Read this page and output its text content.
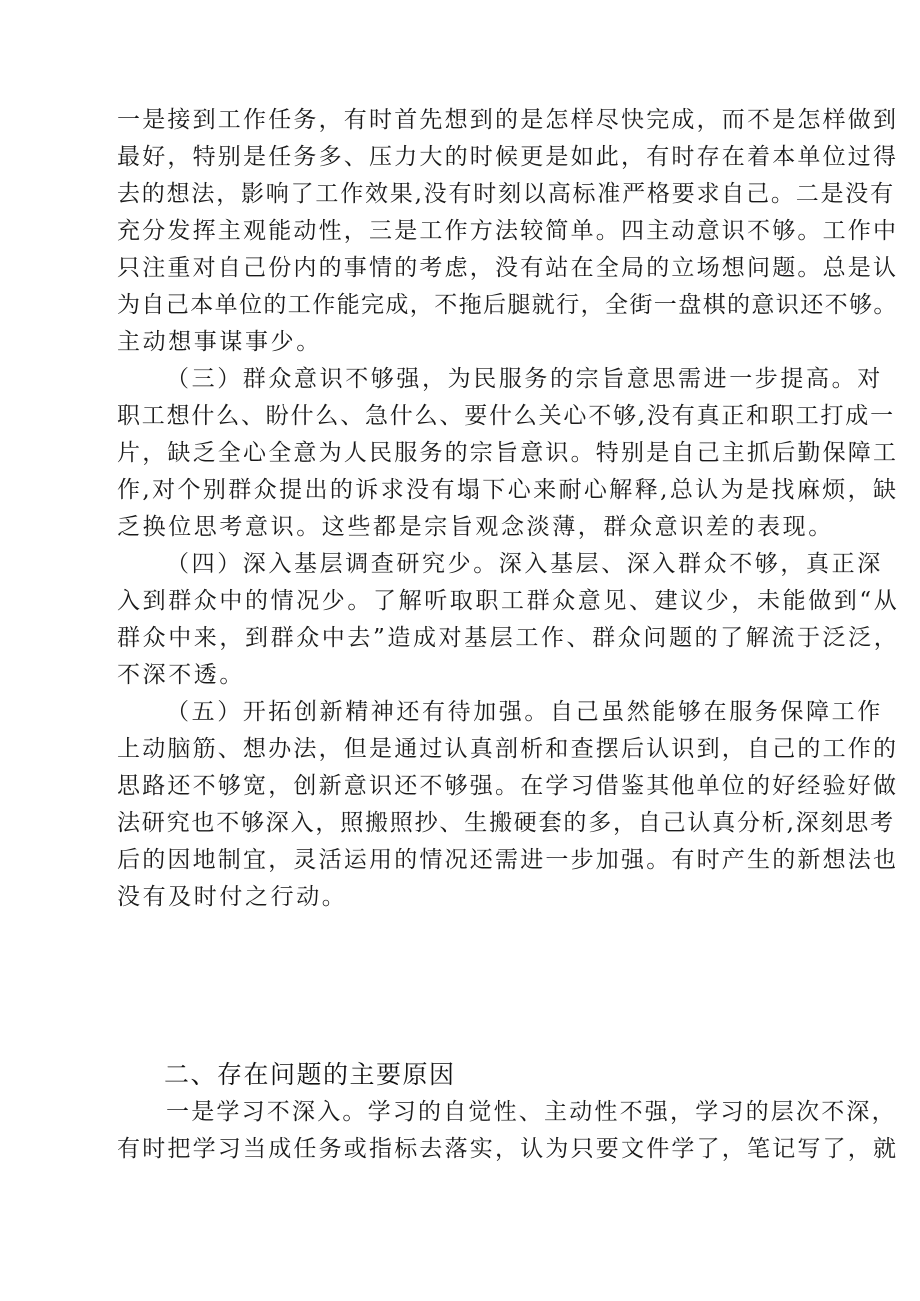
一是接到工作任务，有时首先想到的是怎样尽快完成，而不是怎样做到
最好，特别是任务多、压力大的时候更是如此，有时存在着本单位过得
去的想法，影响了工作效果,没有时刻以高标准严格要求自己。二是没有
充分发挥主观能动性，三是工作方法较简单。四主动意识不够。工作中
只注重对自己份内的事情的考虑，没有站在全局的立场想问题。总是认
为自己本单位的工作能完成，不拖后腿就行，全街一盘棋的意识还不够。
主动想事谋事少。
（三）群众意识不够强，为民服务的宗旨意思需进一步提高。对
职工想什么、盼什么、急什么、要什么关心不够,没有真正和职工打成一
片，缺乏全心全意为人民服务的宗旨意识。特别是自己主抓后勤保障工
作,对个别群众提出的诉求没有塌下心来耐心解释,总认为是找麻烦，缺
乏换位思考意识。这些都是宗旨观念淡薄，群众意识差的表现。
（四）深入基层调查研究少。深入基层、深入群众不够，真正深
入到群众中的情况少。了解听取职工群众意见、建议少，未能做到“从
群众中来，到群众中去”造成对基层工作、群众问题的了解流于泛泛，
不深不透。
（五）开拓创新精神还有待加强。自己虽然能够在服务保障工作
上动脑筋、想办法，但是通过认真剖析和查摆后认识到，自己的工作的
思路还不够宽，创新意识还不够强。在学习借鉴其他单位的好经验好做
法研究也不够深入，照搬照抄、生搬硬套的多，自己认真分析,深刻思考
后的因地制宜，灵活运用的情况还需进一步加强。有时产生的新想法也
没有及时付之行动。
二、存在问题的主要原因
一是学习不深入。学习的自觉性、主动性不强，学习的层次不深，
有时把学习当成任务或指标去落实，认为只要文件学了，笔记写了，就
